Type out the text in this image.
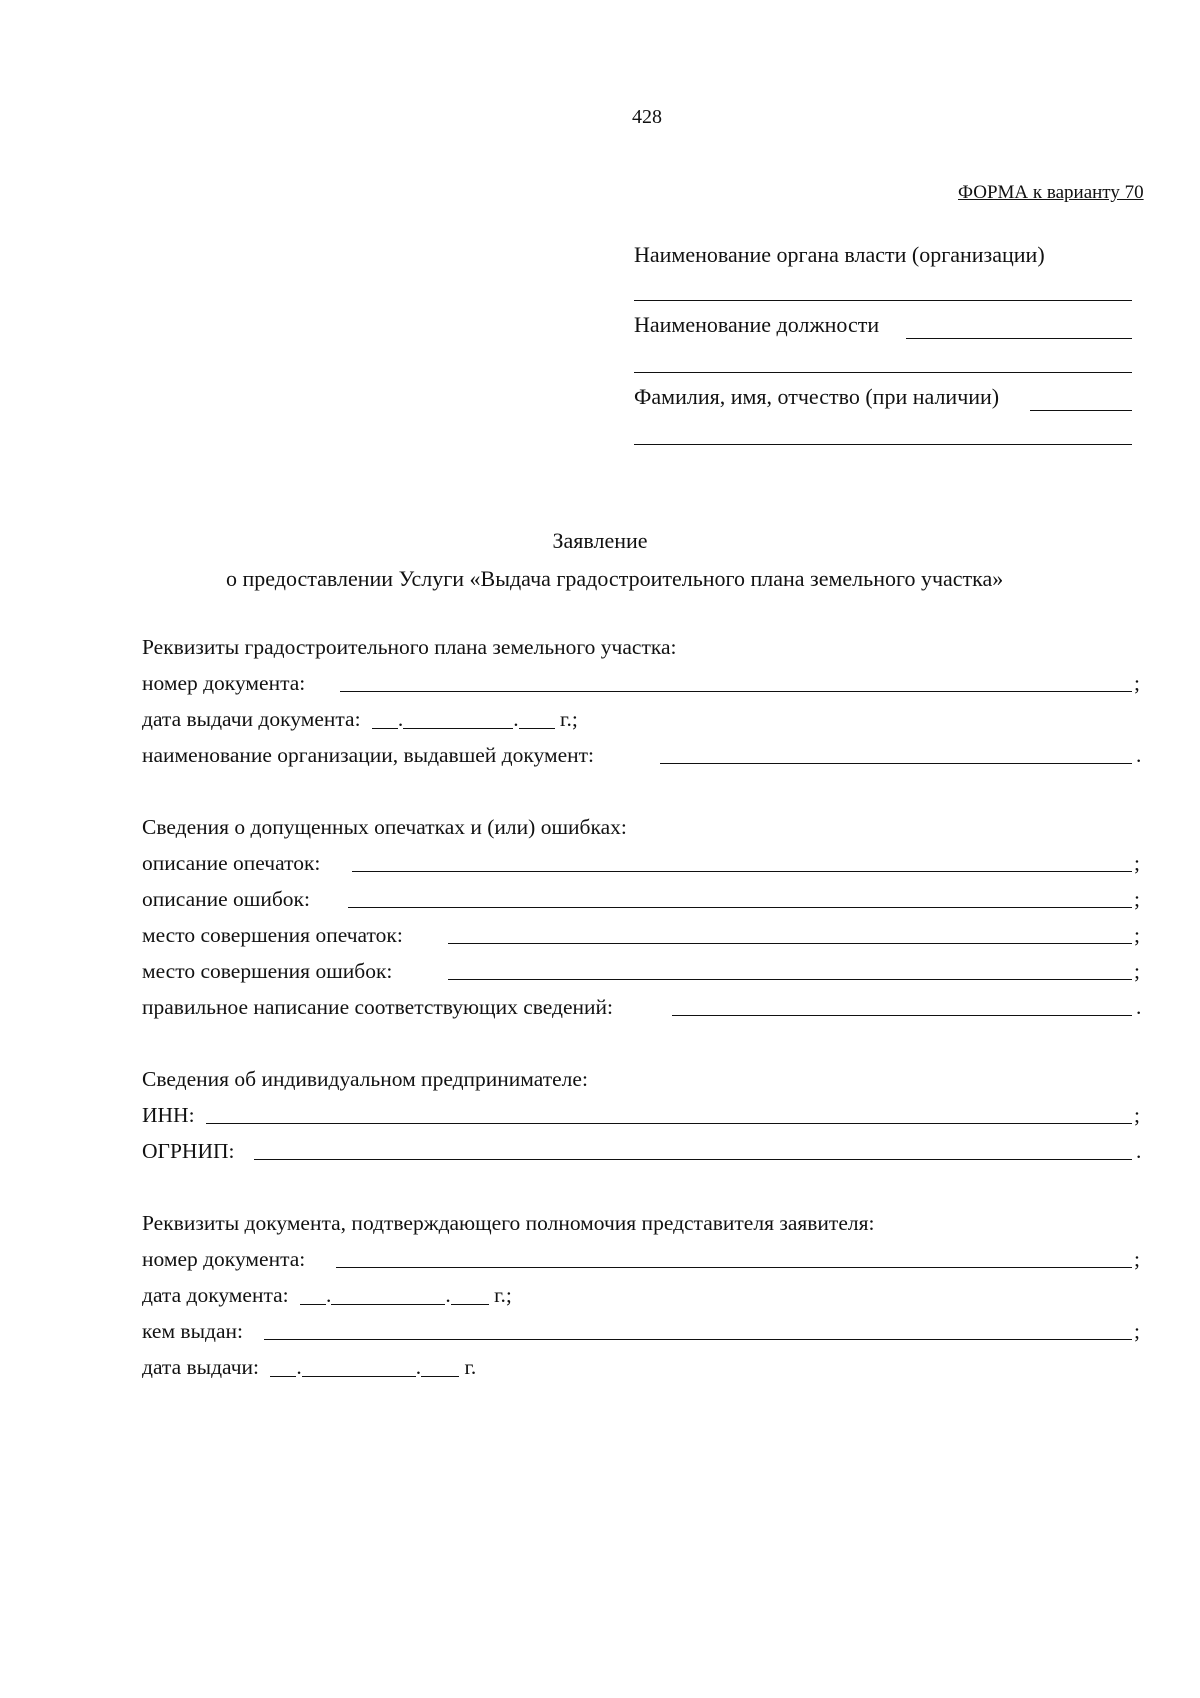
428
ФОРМА к варианту 70
Наименование органа власти (организации)
Наименование должности
Фамилия, имя, отчество (при наличии)
Заявление
о предоставлении Услуги «Выдача градостроительного плана земельного участка»
Реквизиты градостроительного плана земельного участка:
номер документа:	;
дата выдачи документа: .	. г.;
наименование организации, выдавшей документ:	.
Сведения о допущенных опечатках и (или) ошибках:
описание опечаток:	;
описание ошибок:	;
место совершения опечаток:	;
место совершения ошибок:	;
правильное написание соответствующих сведений:	.
Сведения об индивидуальном предпринимателе:
ИНН:	;
ОГРНИП:	.
Реквизиты документа, подтверждающего полномочия представителя заявителя:
номер документа:	;
дата документа: .	. г.;
кем выдан:	;
дата выдачи: .	. г.
